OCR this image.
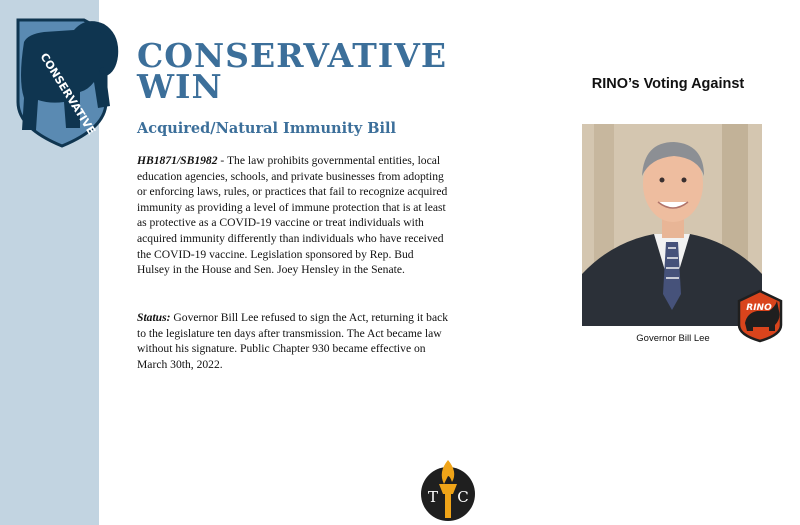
CONSERVATIVE CONSERVATIVE
WIN
Acquired/Natural Immunity Bill

HB1871/SB1982 - The law prohibits governmental entities, local education agencies, schools, and private businesses from adopting or enforcing laws, rules, or practices that fail to recognize acquired immunity as providing a level of immune protection that is at least as protective as a COVID-19 vaccine or treat individuals with acquired immunity differently than individuals who have received the COVID-19 vaccine. Legislation sponsored by Rep. Bud Hulsey in the House and Sen. Joey Hensley in the Senate.

Status: Governor Bill Lee refused to sign the Act, returning it back to the legislature ten days after transmission. The Act became law without his signature. Public Chapter 930 became effective on March 30th, 2022.

RINO’s Voting Against
RINO
Governor Bill Lee
T C
